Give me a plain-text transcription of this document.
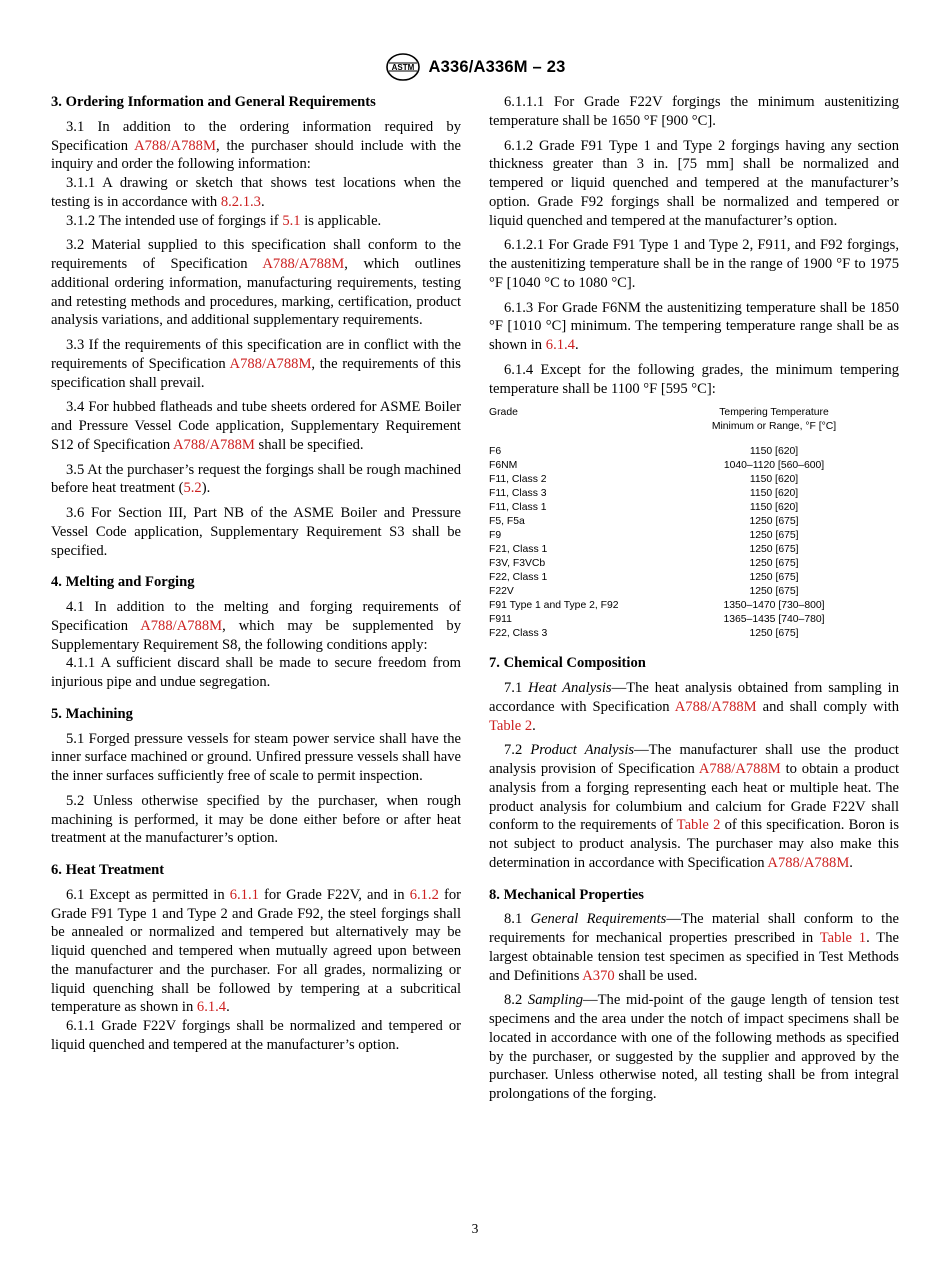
ASTM A336/A336M – 23
3. Ordering Information and General Requirements

3.1 In addition to the ordering information required by Specification A788/A788M, the purchaser should include with the inquiry and order the following information:

3.1.1 A drawing or sketch that shows test locations when the testing is in accordance with 8.2.1.3.

3.1.2 The intended use of forgings if 5.1 is applicable.

3.2 Material supplied to this specification shall conform to the requirements of Specification A788/A788M, which outlines additional ordering information, manufacturing requirements, testing and retesting methods and procedures, marking, certification, product analysis variations, and additional supplementary requirements.

3.3 If the requirements of this specification are in conflict with the requirements of Specification A788/A788M, the requirements of this specification shall prevail.

3.4 For hubbed flatheads and tube sheets ordered for ASME Boiler and Pressure Vessel Code application, Supplementary Requirement S12 of Specification A788/A788M shall be specified.

3.5 At the purchaser’s request the forgings shall be rough machined before heat treatment (5.2).

3.6 For Section III, Part NB of the ASME Boiler and Pressure Vessel Code application, Supplementary Requirement S3 shall be specified.

4. Melting and Forging

4.1 In addition to the melting and forging requirements of Specification A788/A788M, which may be supplemented by Supplementary Requirement S8, the following conditions apply:

4.1.1 A sufficient discard shall be made to secure freedom from injurious pipe and undue segregation.

5. Machining

5.1 Forged pressure vessels for steam power service shall have the inner surface machined or ground. Unfired pressure vessels shall have the inner surfaces sufficiently free of scale to permit inspection.

5.2 Unless otherwise specified by the purchaser, when rough machining is performed, it may be done either before or after heat treatment at the manufacturer’s option.

6. Heat Treatment

6.1 Except as permitted in 6.1.1 for Grade F22V, and in 6.1.2 for Grade F91 Type 1 and Type 2 and Grade F92, the steel forgings shall be annealed or normalized and tempered but alternatively may be liquid quenched and tempered when mutually agreed upon between the manufacturer and the purchaser. For all grades, normalizing or liquid quenching shall be followed by tempering at a subcritical temperature as shown in 6.1.4.

6.1.1 Grade F22V forgings shall be normalized and tempered or liquid quenched and tempered at the manufacturer’s option.

6.1.1.1 For Grade F22V forgings the minimum austenitizing temperature shall be 1650 °F [900 °C].

6.1.2 Grade F91 Type 1 and Type 2 forgings having any section thickness greater than 3 in. [75 mm] shall be normalized and tempered or liquid quenched and tempered at the manufacturer’s option. Grade F92 forgings shall be normalized and tempered or liquid quenched and tempered at the manufacturer’s option.

6.1.2.1 For Grade F91 Type 1 and Type 2, F911, and F92 forgings, the austenitizing temperature shall be in the range of 1900 °F to 1975 °F [1040 °C to 1080 °C].

6.1.3 For Grade F6NM the austenitizing temperature shall be 1850 °F [1010 °C] minimum. The tempering temperature range shall be as shown in 6.1.4.

6.1.4 Except for the following grades, the minimum tempering temperature shall be 1100 °F [595 °C]:

Grade	Tempering Temperature
	Minimum or Range, °F [°C]

F6	1150 [620]
F6NM	1040–1120 [560–600]
F11, Class 2	1150 [620]
F11, Class 3	1150 [620]
F11, Class 1	1150 [620]
F5, F5a	1250 [675]
F9	1250 [675]
F21, Class 1	1250 [675]
F3V, F3VCb	1250 [675]
F22, Class 1	1250 [675]
F22V	1250 [675]
F91 Type 1 and Type 2, F92	1350–1470 [730–800]
F911	1365–1435 [740–780]
F22, Class 3	1250 [675]
7. Chemical Composition

7.1 Heat Analysis—The heat analysis obtained from sampling in accordance with Specification A788/A788M and shall comply with Table 2.

7.2 Product Analysis—The manufacturer shall use the product analysis provision of Specification A788/A788M to obtain a product analysis from a forging representing each heat or multiple heat. The product analysis for columbium and calcium for Grade F22V shall conform to the requirements of Table 2 of this specification. Boron is not subject to product analysis. The purchaser may also make this determination in accordance with Specification A788/A788M.

8. Mechanical Properties

8.1 General Requirements—The material shall conform to the requirements for mechanical properties prescribed in Table 1. The largest obtainable tension test specimen as specified in Test Methods and Definitions A370 shall be used.

8.2 Sampling—The mid-point of the gauge length of tension test specimens and the area under the notch of impact specimens shall be located in accordance with one of the following methods as specified by the purchaser, or suggested by the supplier and approved by the purchaser. Unless otherwise noted, all testing shall be from integral prolongations of the forging.

3
